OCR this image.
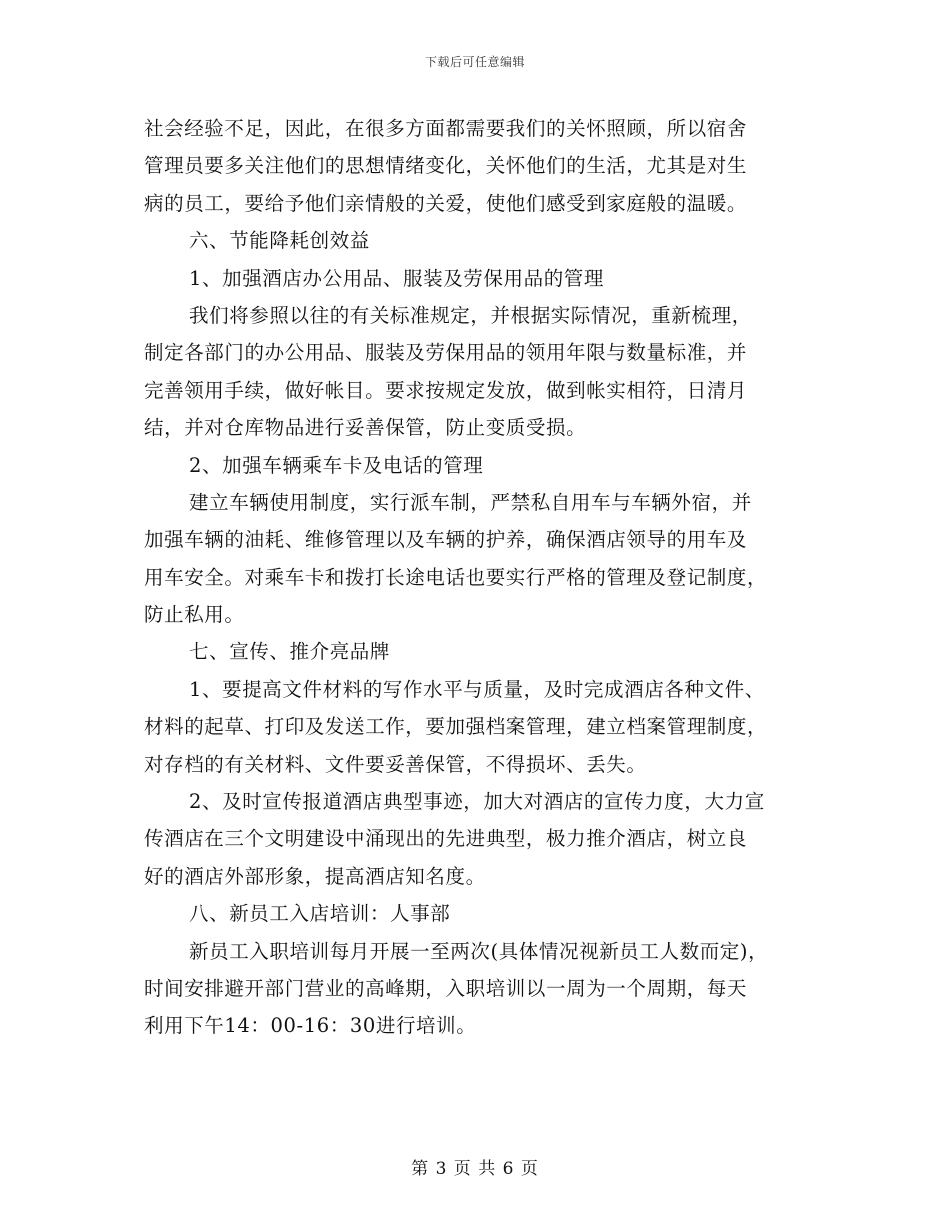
下载后可任意编辑
社会经验不足，因此，在很多方面都需要我们的关怀照顾，所以宿舍
管理员要多关注他们的思想情绪变化，关怀他们的生活，尤其是对生
病的员工，要给予他们亲情般的关爱，使他们感受到家庭般的温暖。
六、节能降耗创效益
1、加强酒店办公用品、服装及劳保用品的管理
我们将参照以往的有关标准规定，并根据实际情况，重新梳理，
制定各部门的办公用品、服装及劳保用品的领用年限与数量标准，并
完善领用手续，做好帐目。要求按规定发放，做到帐实相符，日清月
结，并对仓库物品进行妥善保管，防止变质受损。
2、加强车辆乘车卡及电话的管理
建立车辆使用制度，实行派车制，严禁私自用车与车辆外宿，并
加强车辆的油耗、维修管理以及车辆的护养，确保酒店领导的用车及
用车安全。对乘车卡和拨打长途电话也要实行严格的管理及登记制度，
防止私用。
七、宣传、推介亮品牌
1、要提高文件材料的写作水平与质量，及时完成酒店各种文件、
材料的起草、打印及发送工作，要加强档案管理，建立档案管理制度，
对存档的有关材料、文件要妥善保管，不得损坏、丢失。
2、及时宣传报道酒店典型事迹，加大对酒店的宣传力度，大力宣
传酒店在三个文明建设中涌现出的先进典型，极力推介酒店，树立良
好的酒店外部形象，提高酒店知名度。
八、新员工入店培训：人事部
新员工入职培训每月开展一至两次(具体情况视新员工人数而定)，
时间安排避开部门营业的高峰期，入职培训以一周为一个周期，每天
利用下午14：00-16：30进行培训。
第 3 页 共 6 页
